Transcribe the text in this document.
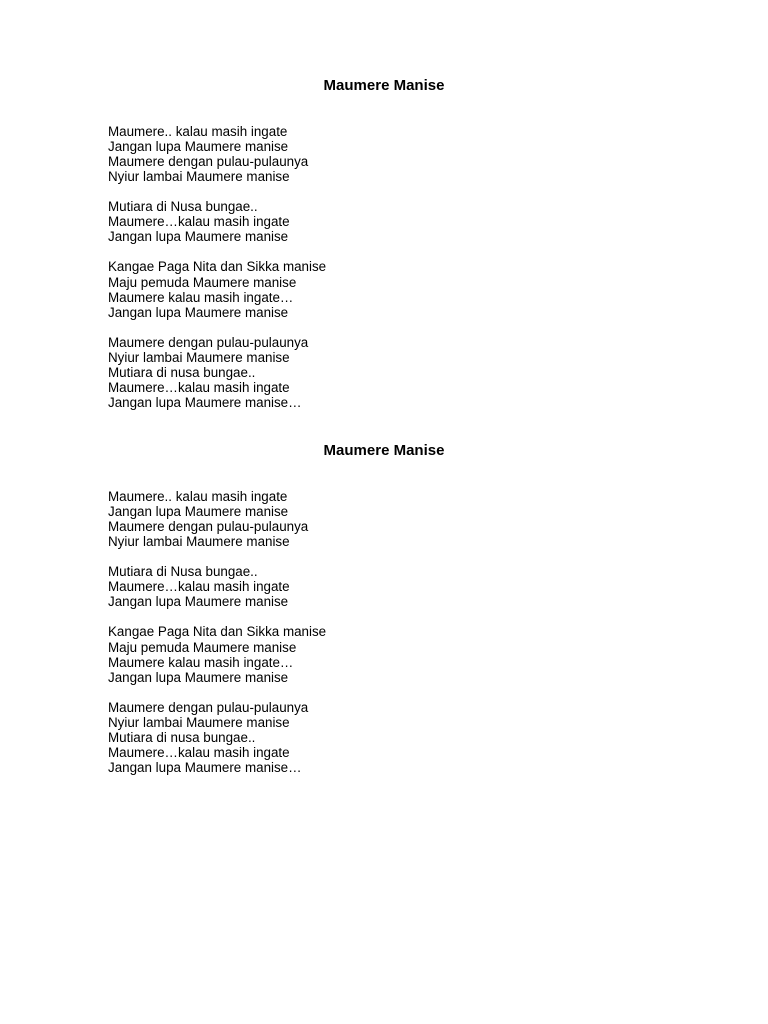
Maumere Manise
Maumere.. kalau masih ingate
Jangan lupa Maumere manise
Maumere dengan pulau-pulaunya
Nyiur lambai Maumere manise
Mutiara di Nusa bungae..
Maumere…kalau masih ingate
Jangan lupa Maumere manise
Kangae Paga Nita dan Sikka manise
Maju pemuda Maumere manise
Maumere kalau masih ingate…
Jangan lupa Maumere manise
Maumere dengan pulau-pulaunya
Nyiur lambai Maumere manise
Mutiara di nusa bungae..
Maumere…kalau masih ingate
Jangan lupa Maumere manise…
Maumere Manise
Maumere.. kalau masih ingate
Jangan lupa Maumere manise
Maumere dengan pulau-pulaunya
Nyiur lambai Maumere manise
Mutiara di Nusa bungae..
Maumere…kalau masih ingate
Jangan lupa Maumere manise
Kangae Paga Nita dan Sikka manise
Maju pemuda Maumere manise
Maumere kalau masih ingate…
Jangan lupa Maumere manise
Maumere dengan pulau-pulaunya
Nyiur lambai Maumere manise
Mutiara di nusa bungae..
Maumere…kalau masih ingate
Jangan lupa Maumere manise…
